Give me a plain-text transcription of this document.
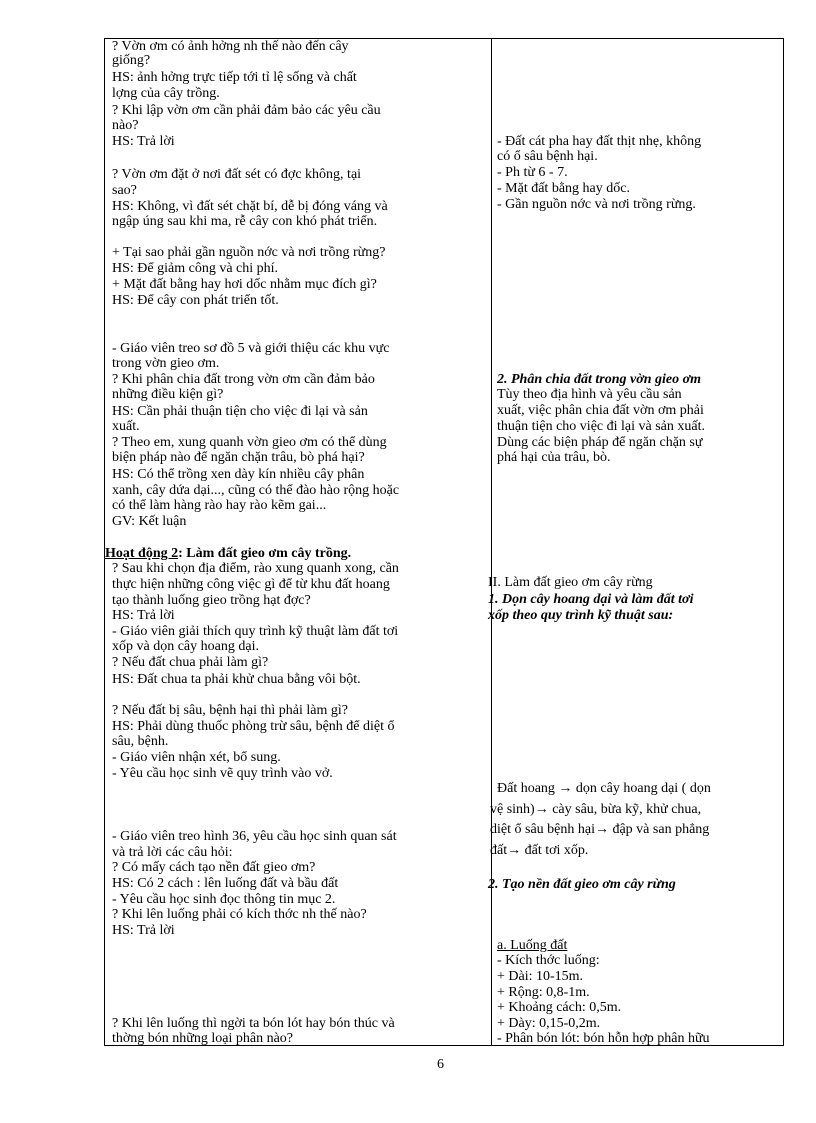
? Vờn ơm có ảnh hởng nh thế nào đến cây
giống?
HS: ảnh hởng trực tiếp tới tỉ lệ sống và chất
lợng của cây trồng.
? Khi lập vờn ơm cần phải đảm bảo các yêu cầu
nào?
HS: Trả lời
? Vờn ơm đặt ở nơi đất sét có đợc không, tại
sao?
HS: Không, vì đất sét chặt bí, dễ bị đóng váng và
ngập úng sau khi ma, rễ cây con khó phát triển.
+ Tại sao phải gần nguồn nớc và nơi trồng rừng?
HS: Để giảm công và chi phí.
+ Mặt đất bằng hay hơi dốc nhằm mục đích gì?
HS: Để cây con phát triển tốt.
- Giáo viên treo sơ đồ 5 và giới thiệu các khu vực
trong vờn gieo ơm.
? Khi phân chia đất trong vờn ơm cần đảm bảo
những điều kiện gì?
HS: Cần phải thuận tiện cho việc đi lại và sản
xuất.
? Theo em, xung quanh vờn gieo ơm có thể dùng
biện pháp nào để ngăn chặn trâu, bò phá hại?
HS: Có thể trồng xen dày kín nhiều cây phân
xanh, cây dứa dại..., cũng có thể đào hào rộng hoặc
có thể làm hàng rào hay rào kẽm gai...
GV: Kết luận
Hoạt động 2: Làm đất gieo ơm cây trồng.
? Sau khi chọn địa điểm, rào xung quanh xong, cần
thực hiện những công việc gì để từ khu đất hoang
tạo thành luống gieo trồng hạt đợc?
HS: Trả lời
- Giáo viên giải thích quy trình kỹ thuật làm đất tơi
xốp và dọn cây hoang dại.
? Nếu đất chua phải làm gì?
HS: Đất chua ta phải khử chua bằng vôi bột.
? Nếu đất bị sâu, bệnh hại thì phải làm gì?
HS: Phải dùng thuốc phòng trừ sâu, bệnh để diệt ổ
sâu, bệnh.
- Giáo viên nhận xét, bổ sung.
- Yêu cầu học sinh vẽ quy trình vào vở.
- Giáo viên treo hình 36, yêu cầu học sinh quan sát
và trả lời các câu hỏi:
? Có mấy cách tạo nền đất gieo ơm?
HS: Có 2 cách : lên luống đất và bầu đất
- Yêu cầu học sinh đọc thông tin mục 2.
? Khi lên luống phải có kích thớc nh thế nào?
HS: Trả lời
? Khi lên luống thì ngời ta bón lót hay bón thúc và
thờng bón những loại phân nào?
- Đất cát pha hay đất thịt nhẹ, không
có ổ sâu bệnh hại.
- Ph từ 6 - 7.
- Mặt đất bằng hay dốc.
- Gần nguồn nớc và nơi trồng rừng.
2. Phân chia đất trong vờn gieo ơm
Tùy theo địa hình và yêu cầu sản
xuất, việc phân chia đất vờn ơm phải
thuận tiện cho việc đi lại và sản xuất.
Dùng các biện pháp để ngăn chặn sự
phá hại của trâu, bò.
II. Làm đất gieo ơm cây rừng
1. Dọn cây hoang dại và làm đất tơi
xốp theo quy trình kỹ thuật sau:
Đất hoang → dọn cây hoang dại ( dọn
vệ sinh)→ cày sâu, bừa kỹ, khử chua,
diệt ổ sâu bệnh hại→ đập và san phẳng
đất→ đất tơi xốp.
2. Tạo nền đất gieo ơm cây rừng
a. Luống đất
- Kích thớc luống:
+ Dài: 10-15m.
+ Rộng: 0,8-1m.
+ Khoảng cách: 0,5m.
+ Dày: 0,15-0,2m.
- Phân bón lót: bón hỗn hợp phân hữu
6
